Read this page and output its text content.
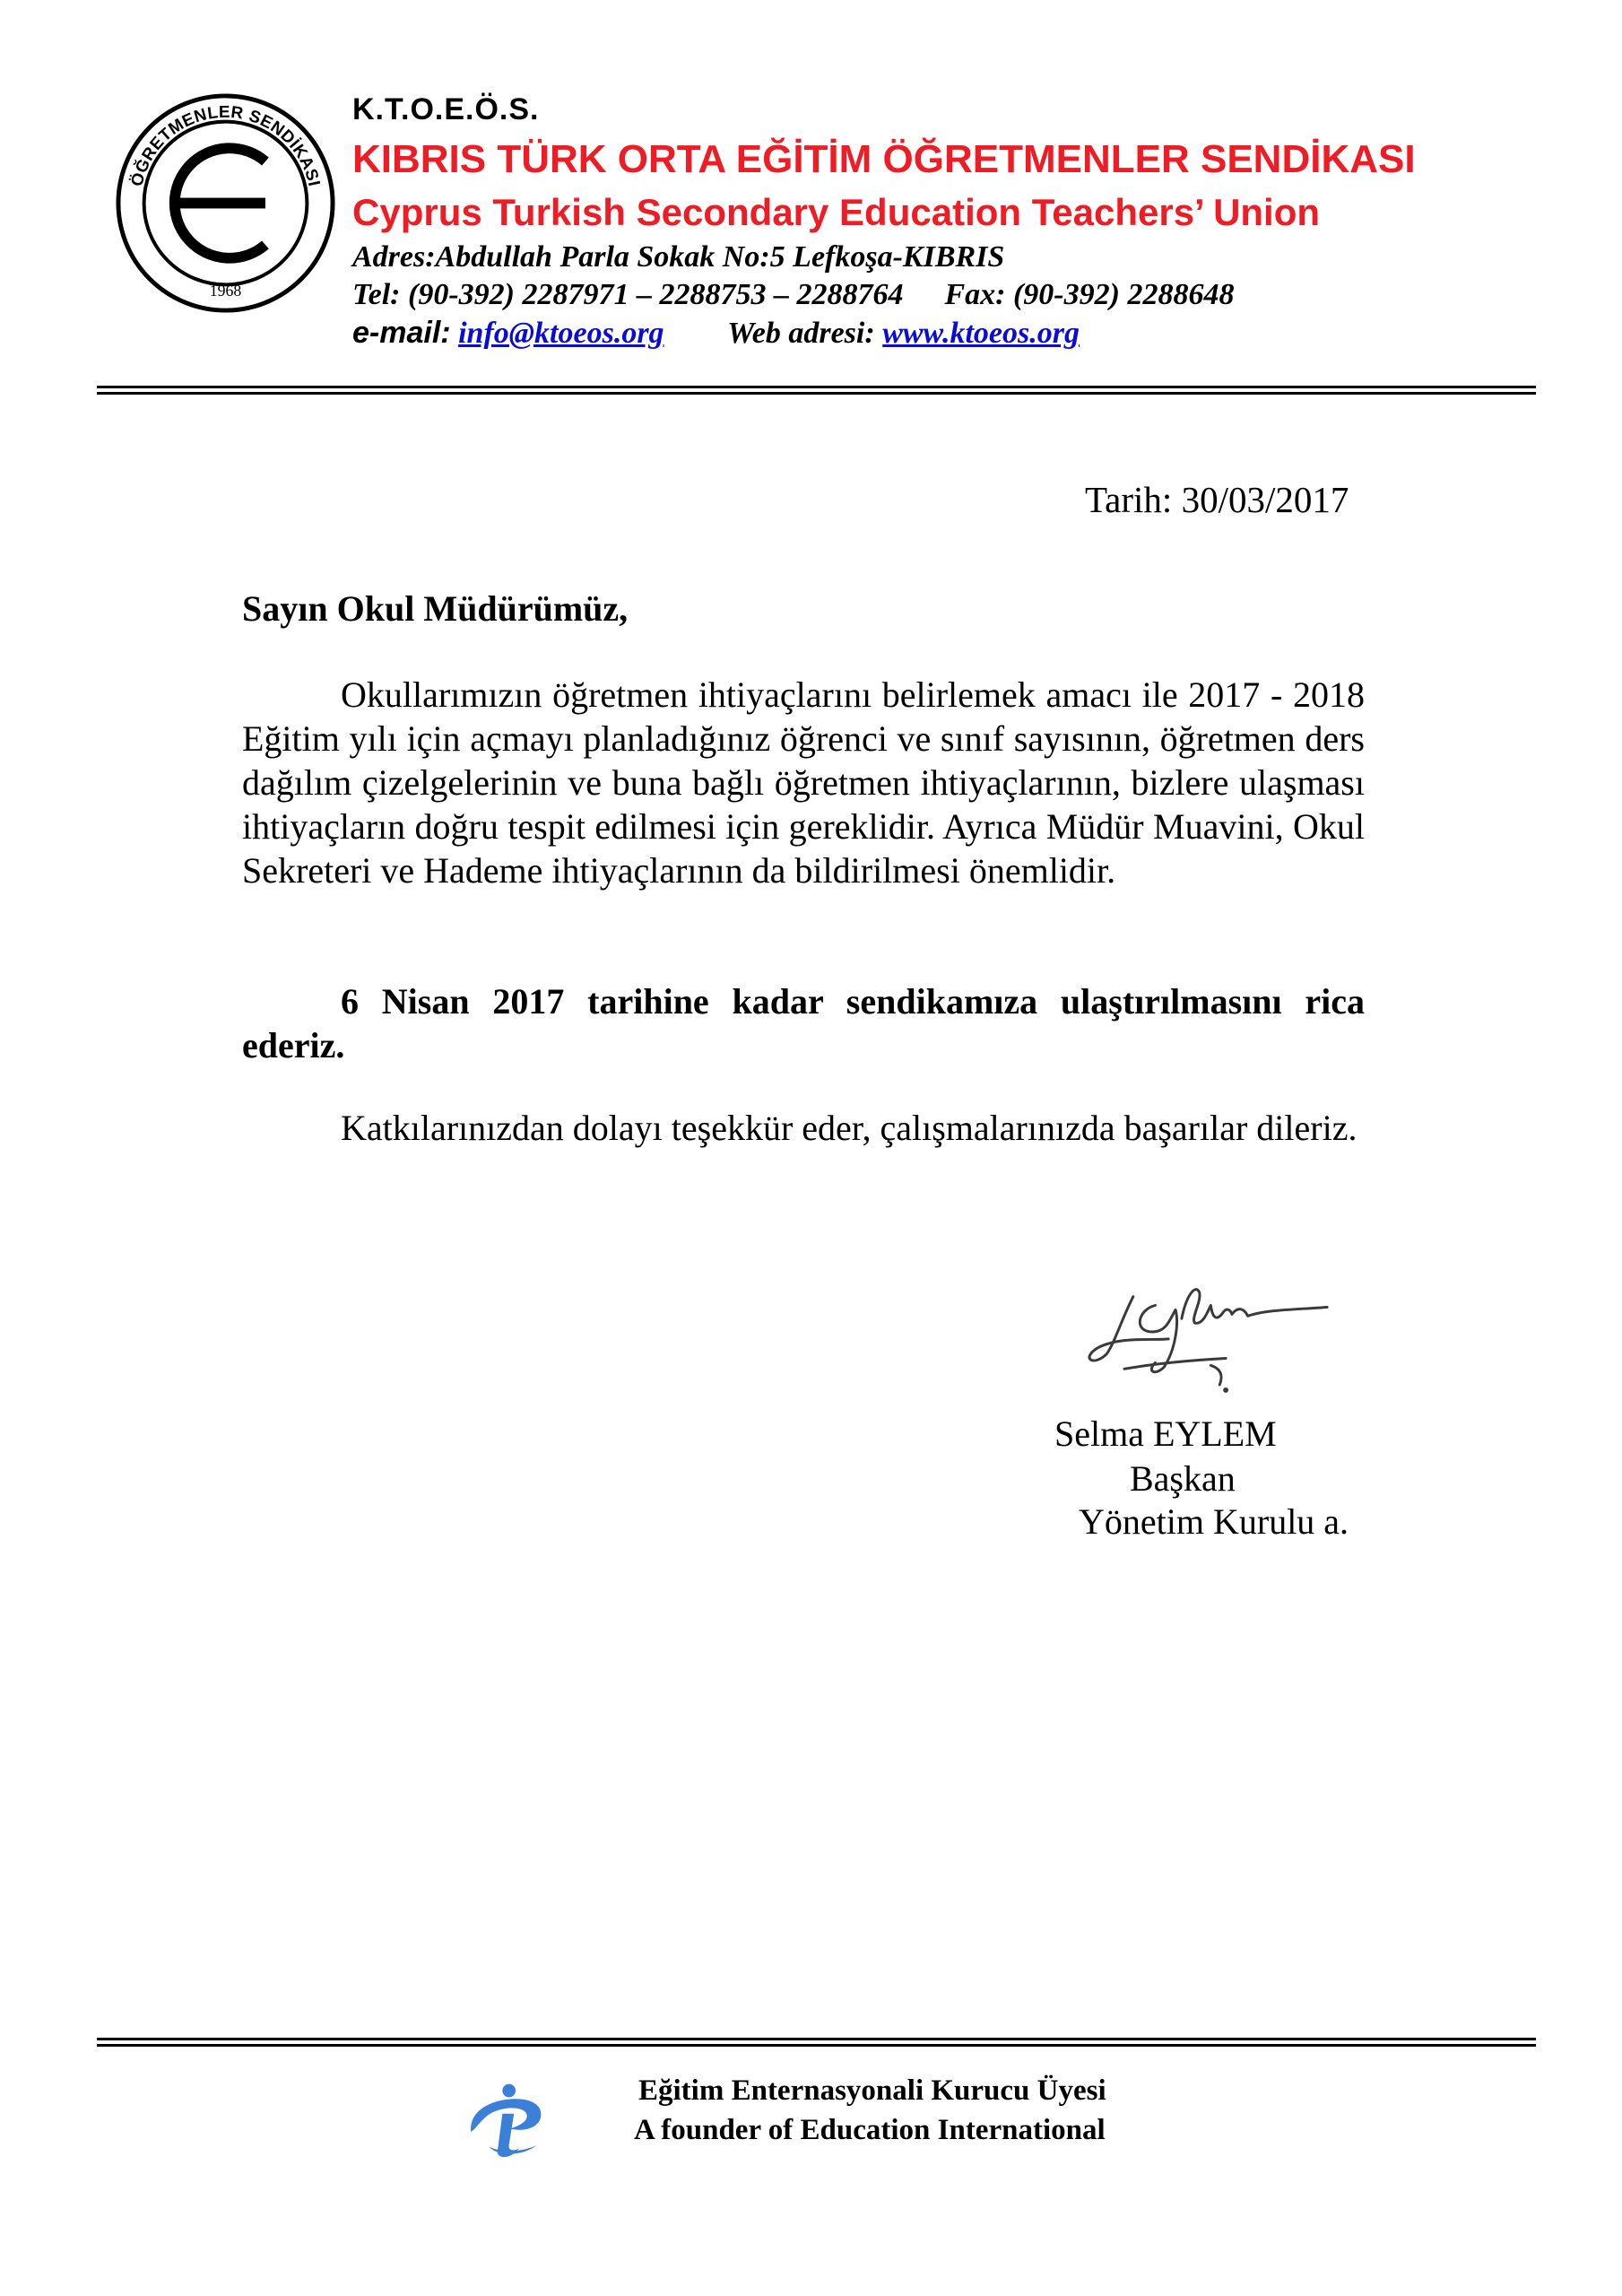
ÖĞRETMENLER SENDİKASI
1968
K.T.O.E.Ö.S.
KIBRIS TÜRK ORTA EĞİTİM ÖĞRETMENLER SENDİKASI
Cyprus Turkish Secondary Education Teachers’ Union
Adres:Abdullah Parla Sokak No:5 Lefkoşa-KIBRIS
Tel: (90-392) 2287971 – 2288753 – 2288764 Fax: (90-392) 2288648
e-mail: info@ktoeos.org Web adresi: www.ktoeos.org
Tarih: 30/03/2017
Sayın Okul Müdürümüz,

Okullarımızın öğretmen ihtiyaçlarını belirlemek amacı ile 2017 - 2018 Eğitim yılı için açmayı planladığınız öğrenci ve sınıf sayısının, öğretmen ders dağılım çizelgelerinin ve buna bağlı öğretmen ihtiyaçlarının, bizlere ulaşması ihtiyaçların doğru tespit edilmesi için gereklidir. Ayrıca Müdür Muavini, Okul Sekreteri ve Hademe ihtiyaçlarının da bildirilmesi önemlidir.

6 Nisan 2017 tarihine kadar sendikamıza ulaştırılmasını rica ederiz.

Katkılarınızdan dolayı teşekkür eder, çalışmalarınızda başarılar dileriz.

Selma EYLEM
Başkan
Yönetim Kurulu a.
Eğitim Enternasyonali Kurucu Üyesi
A founder of Education International
